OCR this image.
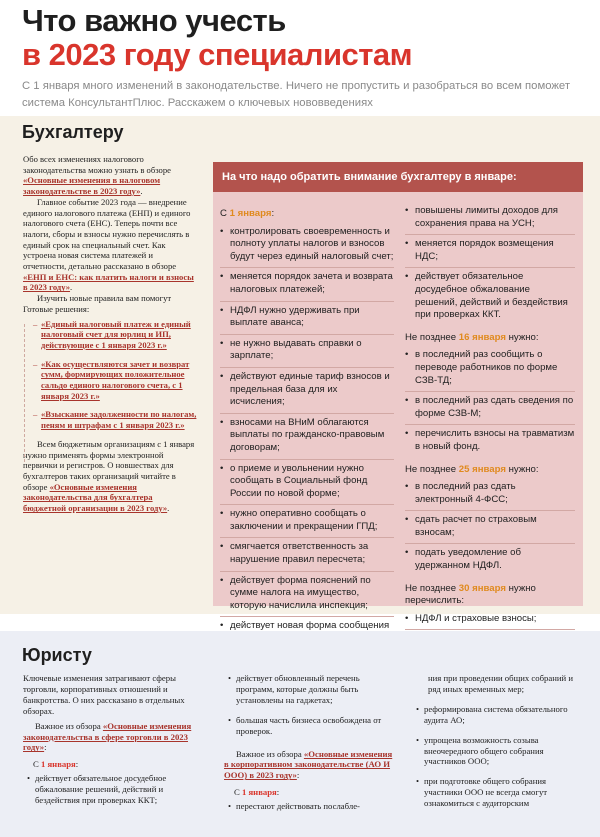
Что важно учесть
в 2023 году специалистам

С 1 января много изменений в законодательстве. Ничего не пропустить и разобраться во всем поможет система КонсультантПлюс. Расскажем о ключевых нововведениях

Бухгалтеру

Обо всех изменениях налогового законодательства можно узнать в обзоре «Основные изменения в налоговом законодательстве в 2023 году».

Главное событие 2023 года — внедрение единого налогового платежа (ЕНП) и единого налогового счета (ЕНС). Теперь почти все налоги, сборы и взносы нужно перечислять в единый срок на специальный счет. Как устроена новая система платежей и отчетности, детально рассказано в обзоре «ЕНП и ЕНС: как платить налоги и взносы в 2023 году».

Изучить новые правила вам помогут Готовые решения:

– «Единый налоговый платеж и единый налоговый счет для юрлиц и ИП, действующие с 1 января 2023 г.»
– «Как осуществляются зачет и возврат сумм, формирующих положительное сальдо единого налогового счета, с 1 января 2023 г.»
– «Взыскание задолженности по налогам, пеням и штрафам с 1 января 2023 г.»

Всем бюджетным организациям с 1 января нужно применять формы электронной первички и регистров. О новшествах для бухгалтеров таких организаций читайте в обзоре «Основные изменения законодательства для бухгалтера бюджетной организации в 2023 году».

На что надо обратить внимание бухгалтеру в январе:
С 1 января:
• контролировать своевременность и полноту уплаты налогов и взносов будут через единый налоговый счет;
• меняется порядок зачета и возврата налоговых платежей;
• НДФЛ нужно удерживать при выплате аванса;
• не нужно выдавать справки о зарплате;
• действуют единые тариф взносов и предельная база для их исчисления;
• взносами на ВНиМ облагаются выплаты по гражданско-правовым договорам;
• о приеме и увольнении нужно сообщать в Социальный фонд России по новой форме;
• нужно оперативно сообщать о заключении и прекращении ГПД;
• смягчается ответственность за нарушение правил пересчета;
• действует форма пояснений по сумме налога на имущество, которую начислила инспекция;
• действует новая форма сообщения
• повышены лимиты доходов для сохранения права на УСН;
• меняется порядок возмещения НДС;
• действует обязательное досудебное обжалование решений, действий и бездействия при проверках ККТ.
Не позднее 16 января нужно:
• в последний раз сообщить о переводе работников по форме СЗВ-ТД;
• в последний раз сдать сведения по форме СЗВ-М;
• перечислить взносы на травматизм в новый фонд.
Не позднее 25 января нужно:
• в последний раз сдать электронный 4-ФСС;
• сдать расчет по страховым взносам;
• подать уведомление об удержанном НДФЛ.
Не позднее 30 января нужно перечислить:
• НДФЛ и страховые взносы;
Юристу

Ключевые изменения затрагивают сферы торговли, корпоративных отношений и банкротства. О них рассказано в отдельных обзорах.

Важное из обзора «Основные изменения законодательства в сфере торговли в 2023 году»:

С 1 января:
• действует обязательное досудебное обжалование решений, действий и бездействия при проверках ККТ;
• действует обновленный перечень программ, которые должны быть установлены на гаджетах;
• большая часть бизнеса освобождена от проверок.

Важное из обзора «Основные изменения в корпоративном законодательстве (АО И ООО) в 2023 году»:

С 1 января:
• перестают действовать послабле-

ния при проведении общих собраний и ряд иных временных мер;

• реформирована система обязательного аудита АО;
• упрощена возможность созыва внеочередного общего собрания участников ООО;
• при подготовке общего собрания участники ООО не всегда смогут ознакомиться с аудиторским
